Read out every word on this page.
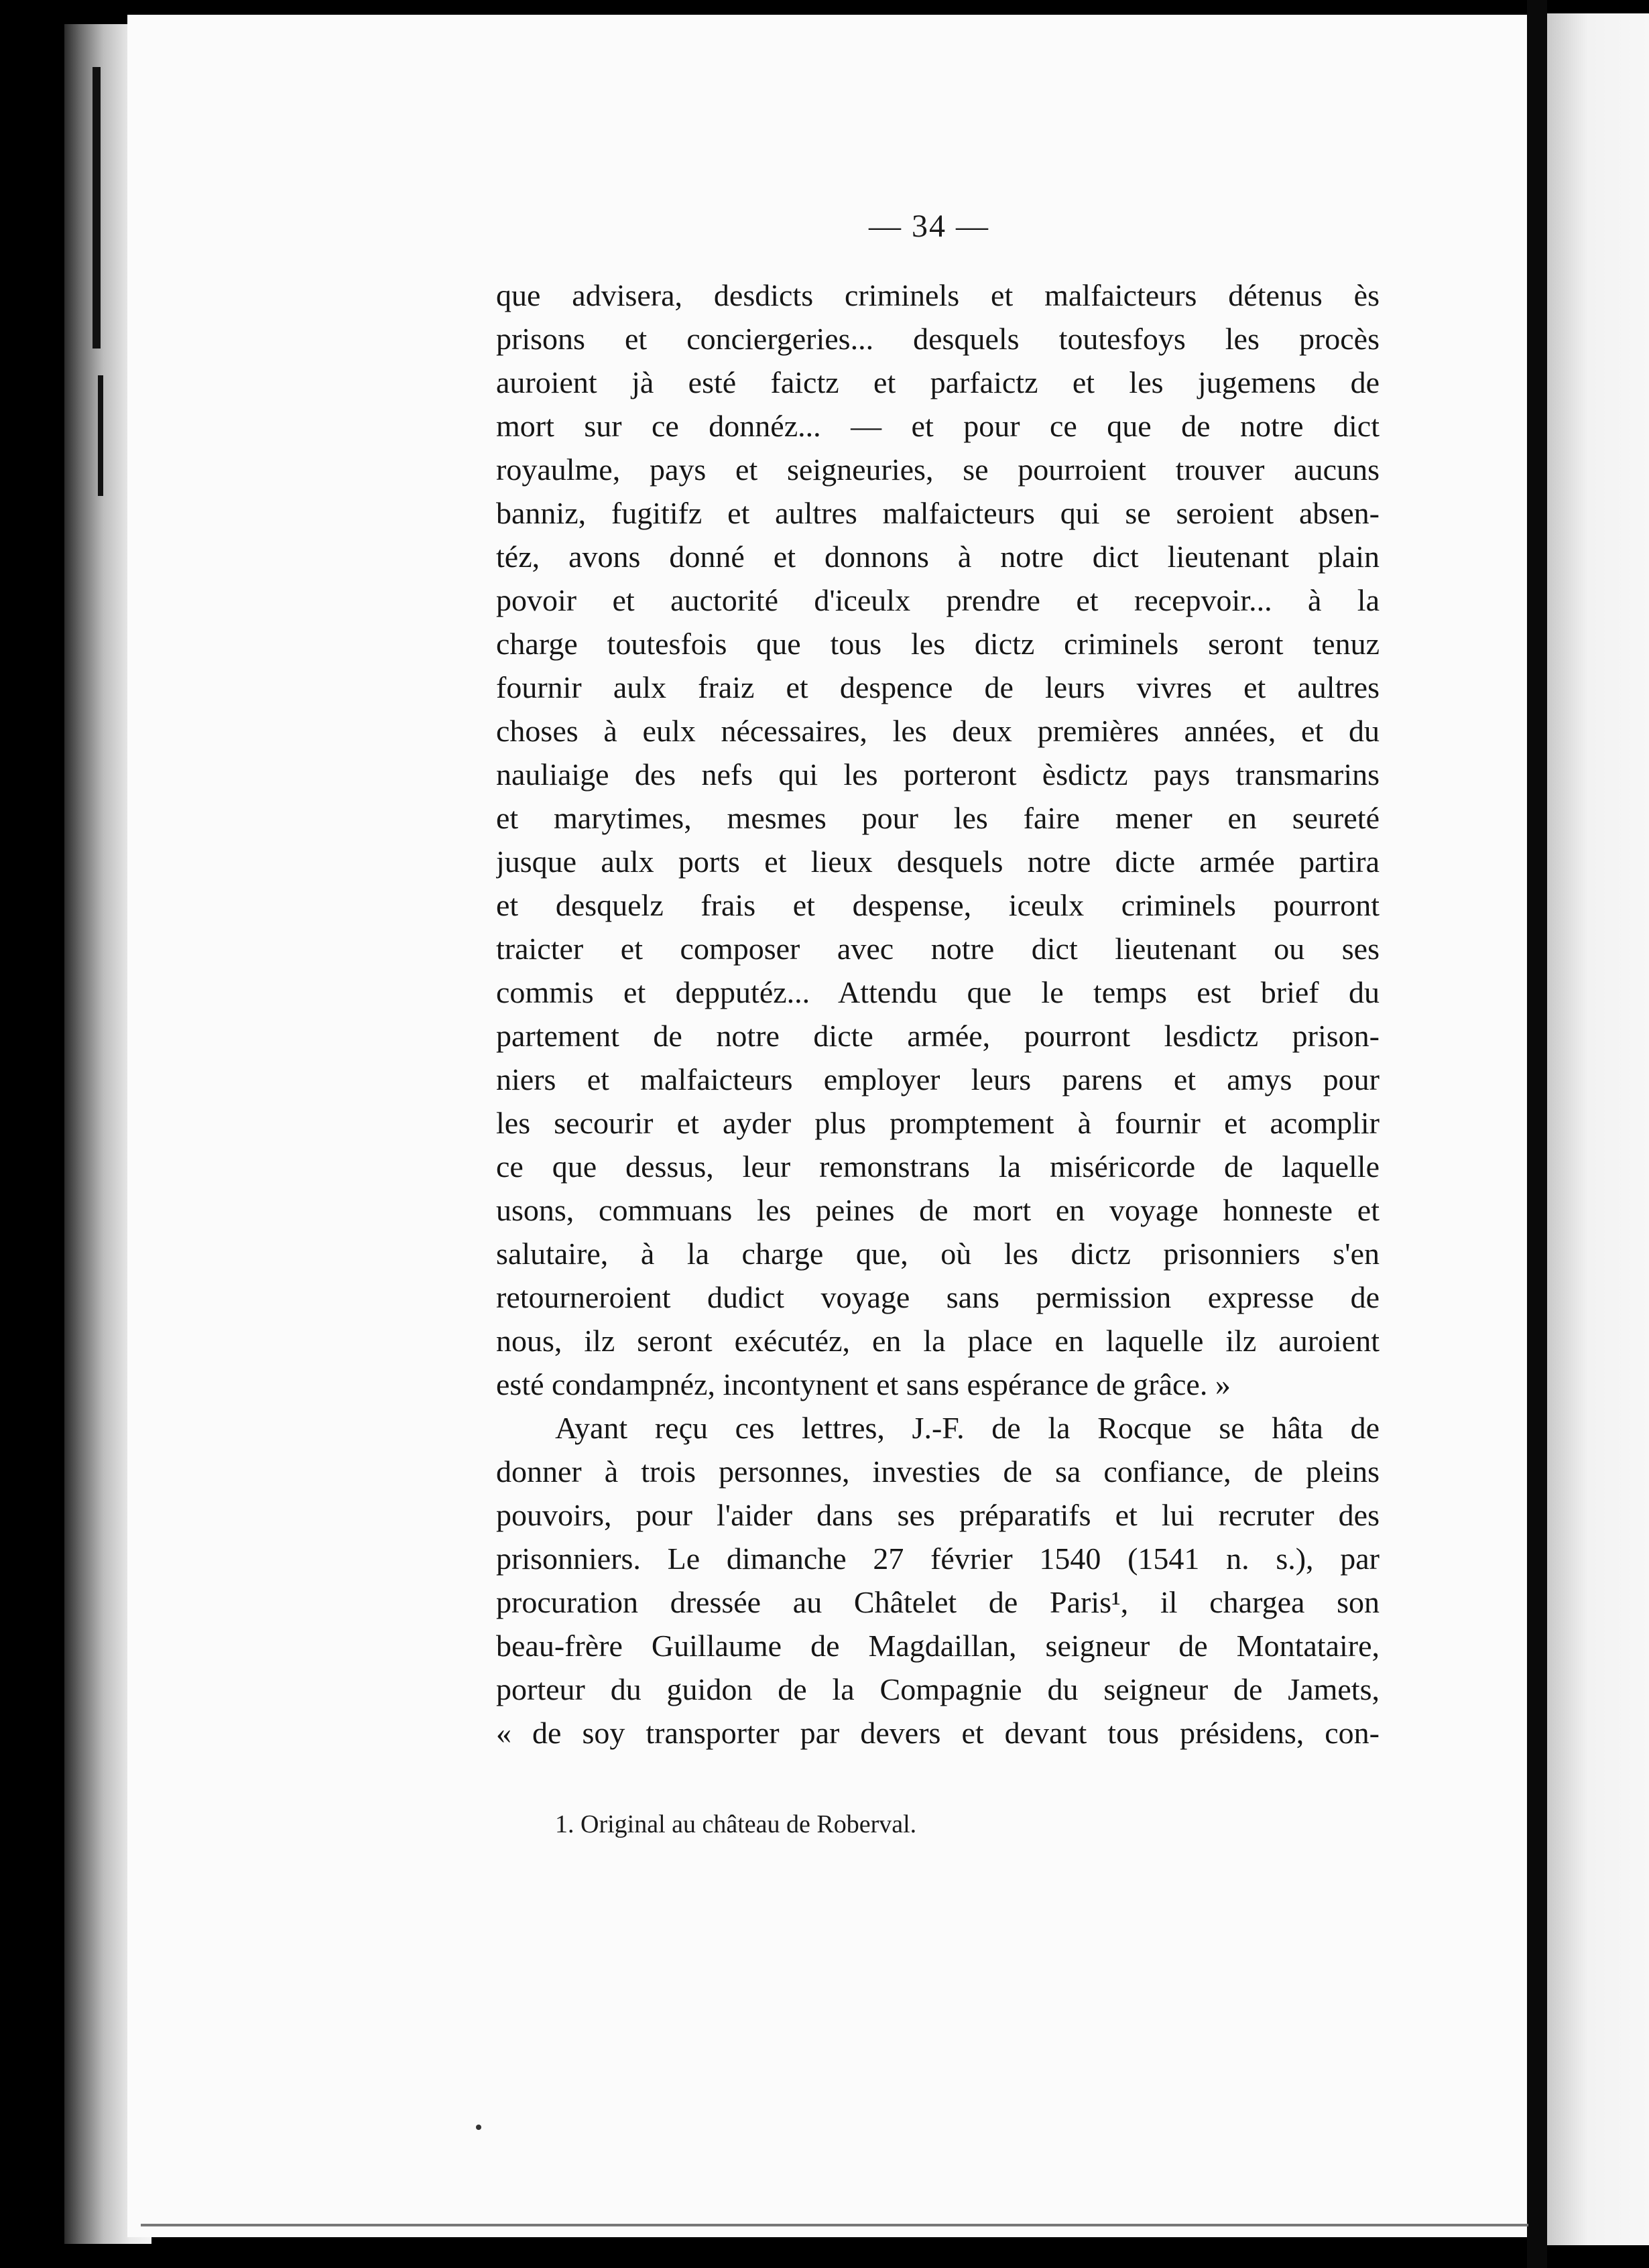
— 34 —
que advisera, desdicts criminels et malfaicteurs détenus ès
prisons et conciergeries... desquels toutesfoys les procès
auroient jà esté faictz et parfaictz et les jugemens de
mort sur ce donnéz... — et pour ce que de notre dict
royaulme, pays et seigneuries, se pourroient trouver aucuns
banniz, fugitifz et aultres malfaicteurs qui se seroient absen-
téz, avons donné et donnons à notre dict lieutenant plain
povoir et auctorité d'iceulx prendre et recepvoir... à la
charge toutesfois que tous les dictz criminels seront tenuz
fournir aulx fraiz et despence de leurs vivres et aultres
choses à eulx nécessaires, les deux premières années, et du
nauliaige des nefs qui les porteront èsdictz pays transmarins
et marytimes, mesmes pour les faire mener en seureté
jusque aulx ports et lieux desquels notre dicte armée partira
et desquelz frais et despense, iceulx criminels pourront
traicter et composer avec notre dict lieutenant ou ses
commis et depputéz... Attendu que le temps est brief du
partement de notre dicte armée, pourront lesdictz prison-
niers et malfaicteurs employer leurs parens et amys pour
les secourir et ayder plus promptement à fournir et acomplir
ce que dessus, leur remonstrans la miséricorde de laquelle
usons, commuans les peines de mort en voyage honneste et
salutaire, à la charge que, où les dictz prisonniers s'en
retourneroient dudict voyage sans permission expresse de
nous, ilz seront exécutéz, en la place en laquelle ilz auroient
esté condampnéz, incontynent et sans espérance de grâce. »
Ayant reçu ces lettres, J.-F. de la Rocque se hâta de
donner à trois personnes, investies de sa confiance, de pleins
pouvoirs, pour l'aider dans ses préparatifs et lui recruter des
prisonniers. Le dimanche 27 février 1540 (1541 n. s.), par
procuration dressée au Châtelet de Paris¹, il chargea son
beau-frère Guillaume de Magdaillan, seigneur de Montataire,
porteur du guidon de la Compagnie du seigneur de Jamets,
« de soy transporter par devers et devant tous présidens, con-
1. Original au château de Roberval.
